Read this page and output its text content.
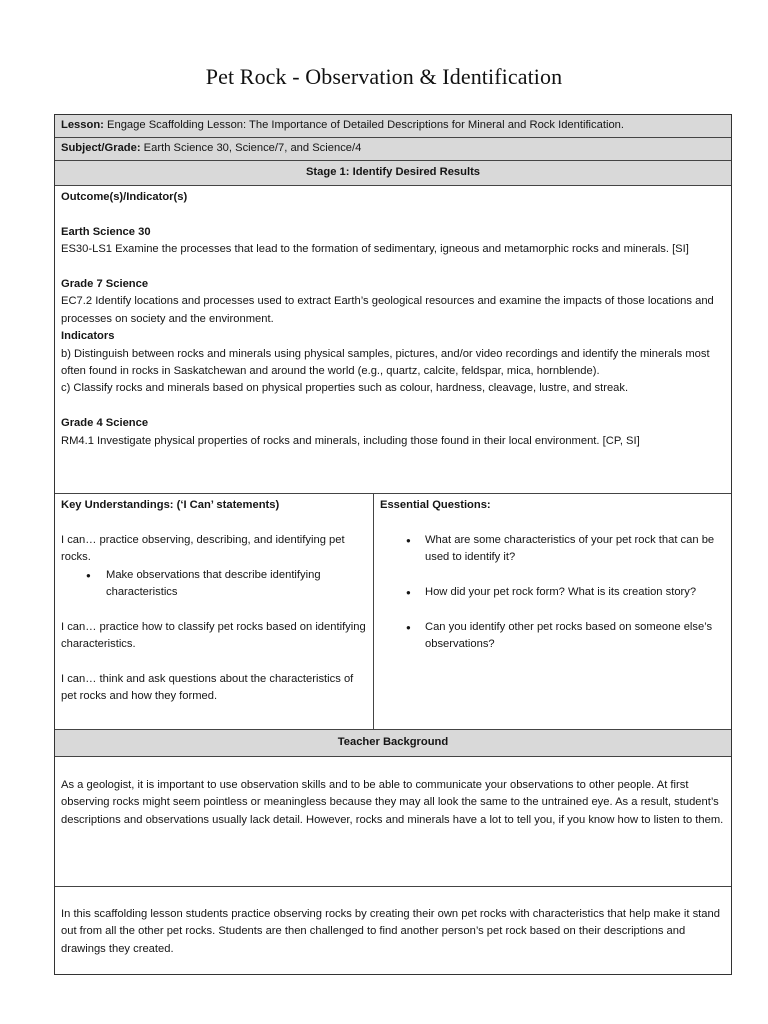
Pet Rock - Observation & Identification
Lesson: Engage Scaffolding Lesson: The Importance of Detailed Descriptions for Mineral and Rock Identification.
Subject/Grade: Earth Science 30, Science/7, and Science/4
Stage 1: Identify Desired Results
Outcome(s)/Indicator(s)
Earth Science 30
ES30-LS1 Examine the processes that lead to the formation of sedimentary, igneous and metamorphic rocks and minerals. [SI]
Grade 7 Science
EC7.2 Identify locations and processes used to extract Earth’s geological resources and examine the impacts of those locations and processes on society and the environment.
Indicators
b) Distinguish between rocks and minerals using physical samples, pictures, and/or video recordings and identify the minerals most often found in rocks in Saskatchewan and around the world (e.g., quartz, calcite, feldspar, mica, hornblende).
c) Classify rocks and minerals based on physical properties such as colour, hardness, cleavage, lustre, and streak.
Grade 4 Science
RM4.1 Investigate physical properties of rocks and minerals, including those found in their local environment. [CP, SI]
Key Understandings: (‘I Can’ statements)
I can… practice observing, describing, and identifying pet rocks.
● Make observations that describe identifying characteristics
I can… practice how to classify pet rocks based on identifying characteristics.
I can… think and ask questions about the characteristics of pet rocks and how they formed.
Essential Questions:
● What are some characteristics of your pet rock that can be used to identify it?
● How did your pet rock form? What is its creation story?
● Can you identify other pet rocks based on someone else’s observations?
Teacher Background
As a geologist, it is important to use observation skills and to be able to communicate your observations to other people. At first observing rocks might seem pointless or meaningless because they may all look the same to the untrained eye. As a result, student’s descriptions and observations usually lack detail. However, rocks and minerals have a lot to tell you, if you know how to listen to them.
In this scaffolding lesson students practice observing rocks by creating their own pet rocks with characteristics that help make it stand out from all the other pet rocks. Students are then challenged to find another person’s pet rock based on their descriptions and drawings they created.
